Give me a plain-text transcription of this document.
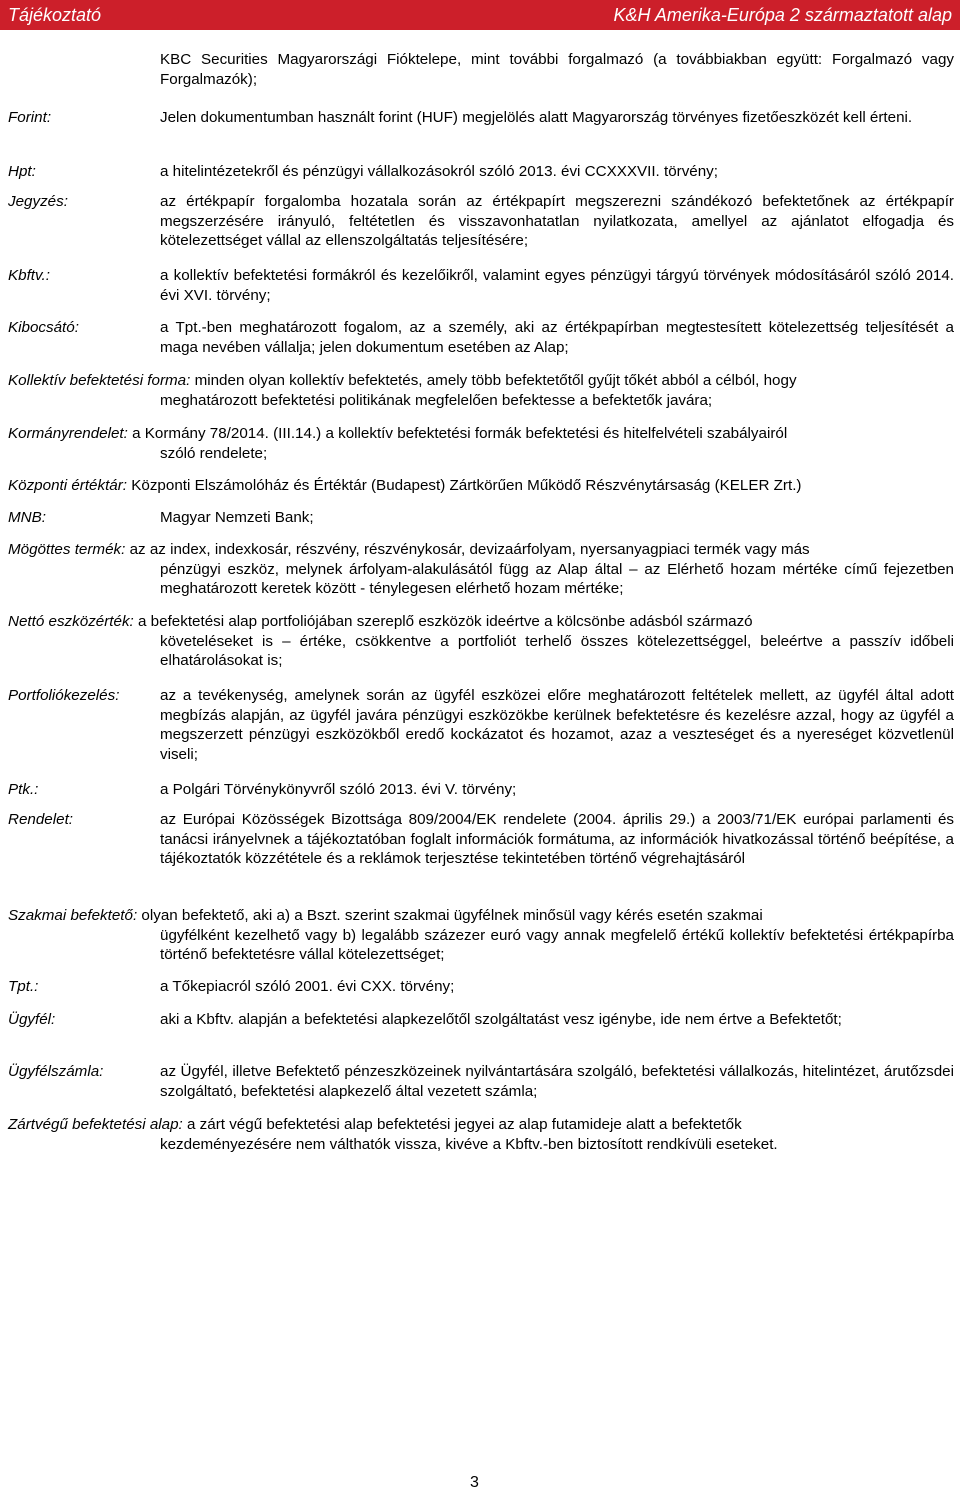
Tájékoztató	K&H Amerika-Európa 2 származtatott alap
KBC Securities Magyarországi Fióktelepe, mint további forgalmazó (a továbbiakban együtt: Forgalmazó vagy Forgalmazók);
Forint:	Jelen dokumentumban használt forint (HUF) megjelölés alatt Magyarország törvényes fizetőeszközét kell érteni.
Hpt:	a hitelintézetekről és pénzügyi vállalkozásokról szóló 2013. évi CCXXXVII. törvény;
Jegyzés:	az értékpapír forgalomba hozatala során az értékpapírt megszerezni szándékozó befektetőnek az értékpapír megszerzésére irányuló, feltétetlen és visszavonhatatlan nyilatkozata, amellyel az ajánlatot elfogadja és kötelezettséget vállal az ellenszolgáltatás teljesítésére;
Kbftv.:	a kollektív befektetési formákról és kezelőikről, valamint egyes pénzügyi tárgyú törvények módosításáról szóló 2014. évi XVI. törvény;
Kibocsátó:	a Tpt.-ben meghatározott fogalom, az a személy, aki az értékpapírban megtestesített kötelezettség teljesítését a maga nevében vállalja; jelen dokumentum esetében az Alap;
Kollektív befektetési forma: minden olyan kollektív befektetés, amely több befektetőtől gyűjt tőkét abból a célból, hogy
meghatározott befektetési politikának megfelelően befektesse a befektetők javára;
Kormányrendelet: a Kormány 78/2014. (III.14.) a kollektív befektetési formák befektetési és hitelfelvételi szabályairól
szóló rendelete;
Központi értéktár: Központi Elszámolóház és Értéktár (Budapest) Zártkörűen Működő Részvénytársaság (KELER Zrt.)
MNB:	Magyar Nemzeti Bank;
Mögöttes termék: az az index, indexkosár, részvény, részvénykosár, devizaárfolyam, nyersanyagpiaci termék vagy más
pénzügyi eszköz, melynek árfolyam-alakulásától függ az Alap által – az Elérhető hozam mértéke című fejezetben meghatározott keretek között - ténylegesen elérhető hozam mértéke;
Nettó eszközérték: a befektetési alap portfoliójában szereplő eszközök ideértve a kölcsönbe adásból származó
követeléseket is – értéke, csökkentve a portfoliót terhelő összes kötelezettséggel, beleértve a passzív időbeli elhatárolásokat is;
Portfoliókezelés:	az a tevékenység, amelynek során az ügyfél eszközei előre meghatározott feltételek mellett, az ügyfél által adott megbízás alapján, az ügyfél javára pénzügyi eszközökbe kerülnek befektetésre és kezelésre azzal, hogy az ügyfél a megszerzett pénzügyi eszközökből eredő kockázatot és hozamot, azaz a veszteséget és a nyereséget közvetlenül viseli;
Ptk.:	a Polgári Törvénykönyvről szóló 2013. évi V. törvény;
Rendelet:	az Európai Közösségek Bizottsága 809/2004/EK rendelete (2004. április 29.) a 2003/71/EK európai parlamenti és tanácsi irányelvnek a tájékoztatóban foglalt információk formátuma, az információk hivatkozással történő beépítése, a tájékoztatók közzététele és a reklámok terjesztése tekintetében történő végrehajtásáról
Szakmai befektető: olyan befektető, aki a) a Bszt. szerint szakmai ügyfélnek minősül vagy kérés esetén szakmai
ügyfélként kezelhető vagy b) legalább százezer euró vagy annak megfelelő értékű kollektív befektetési értékpapírba történő befektetésre vállal kötelezettséget;
Tpt.:	a Tőkepiacról szóló 2001. évi CXX. törvény;
Ügyfél:	aki a Kbftv. alapján a befektetési alapkezelőtől szolgáltatást vesz igénybe, ide nem értve a Befektetőt;
Ügyfélszámla:	az Ügyfél, illetve Befektető pénzeszközeinek nyilvántartására szolgáló, befektetési vállalkozás, hitelintézet, árutőzsdei szolgáltató, befektetési alapkezelő által vezetett számla;
Zártvégű befektetési alap: a zárt végű befektetési alap befektetési jegyei az alap futamideje alatt a befektetők
kezdeményezésére nem válthatók vissza, kivéve a Kbftv.-ben biztosított rendkívüli eseteket.
3
